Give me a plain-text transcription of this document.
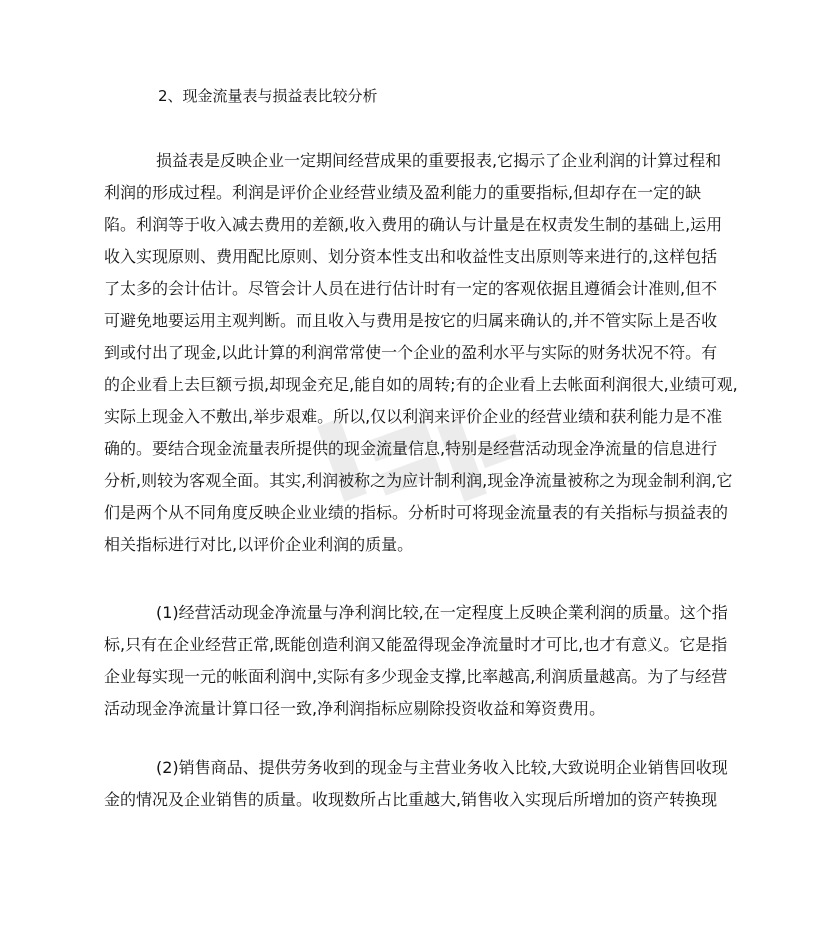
2、现金流量表与损益表比较分析
损益表是反映企业一定期间经营成果的重要报表,它揭示了企业利润的计算过程和
利润的形成过程。利润是评价企业经营业绩及盈利能力的重要指标,但却存在一定的缺
陷。利润等于收入减去费用的差额,收入费用的确认与计量是在权责发生制的基础上,运用
收入实现原则、费用配比原则、划分资本性支出和收益性支出原则等来进行的,这样包括
了太多的会计估计。尽管会计人员在进行估计时有一定的客观依据且遵循会计准则,但不
可避免地要运用主观判断。而且收入与费用是按它的归属来确认的,并不管实际上是否收
到或付出了现金,以此计算的利润常常使一个企业的盈利水平与实际的财务状况不符。有
的企业看上去巨额亏损,却现金充足,能自如的周转;有的企业看上去帐面利润很大,业绩可观,
实际上现金入不敷出,举步艰难。所以,仅以利润来评价企业的经营业绩和获利能力是不准
确的。要结合现金流量表所提供的现金流量信息,特别是经营活动现金净流量的信息进行
分析,则较为客观全面。其实,利润被称之为应计制利润,现金净流量被称之为现金制利润,它
们是两个从不同角度反映企业业绩的指标。分析时可将现金流量表的有关指标与损益表的
相关指标进行对比,以评价企业利润的质量。
(1)经营活动现金净流量与净利润比较,在一定程度上反映企業利润的质量。这个指
标,只有在企业经营正常,既能创造利润又能盈得现金净流量时才可比,也才有意义。它是指
企业每实现一元的帐面利润中,实际有多少现金支撑,比率越高,利润质量越高。为了与经营
活动现金净流量计算口径一致,净利润指标应剔除投资收益和筹资费用。
(2)销售商品、提供劳务收到的现金与主营业务收入比较,大致说明企业销售回收现
金的情况及企业销售的质量。收现数所占比重越大,销售收入实现后所增加的资产转换现
